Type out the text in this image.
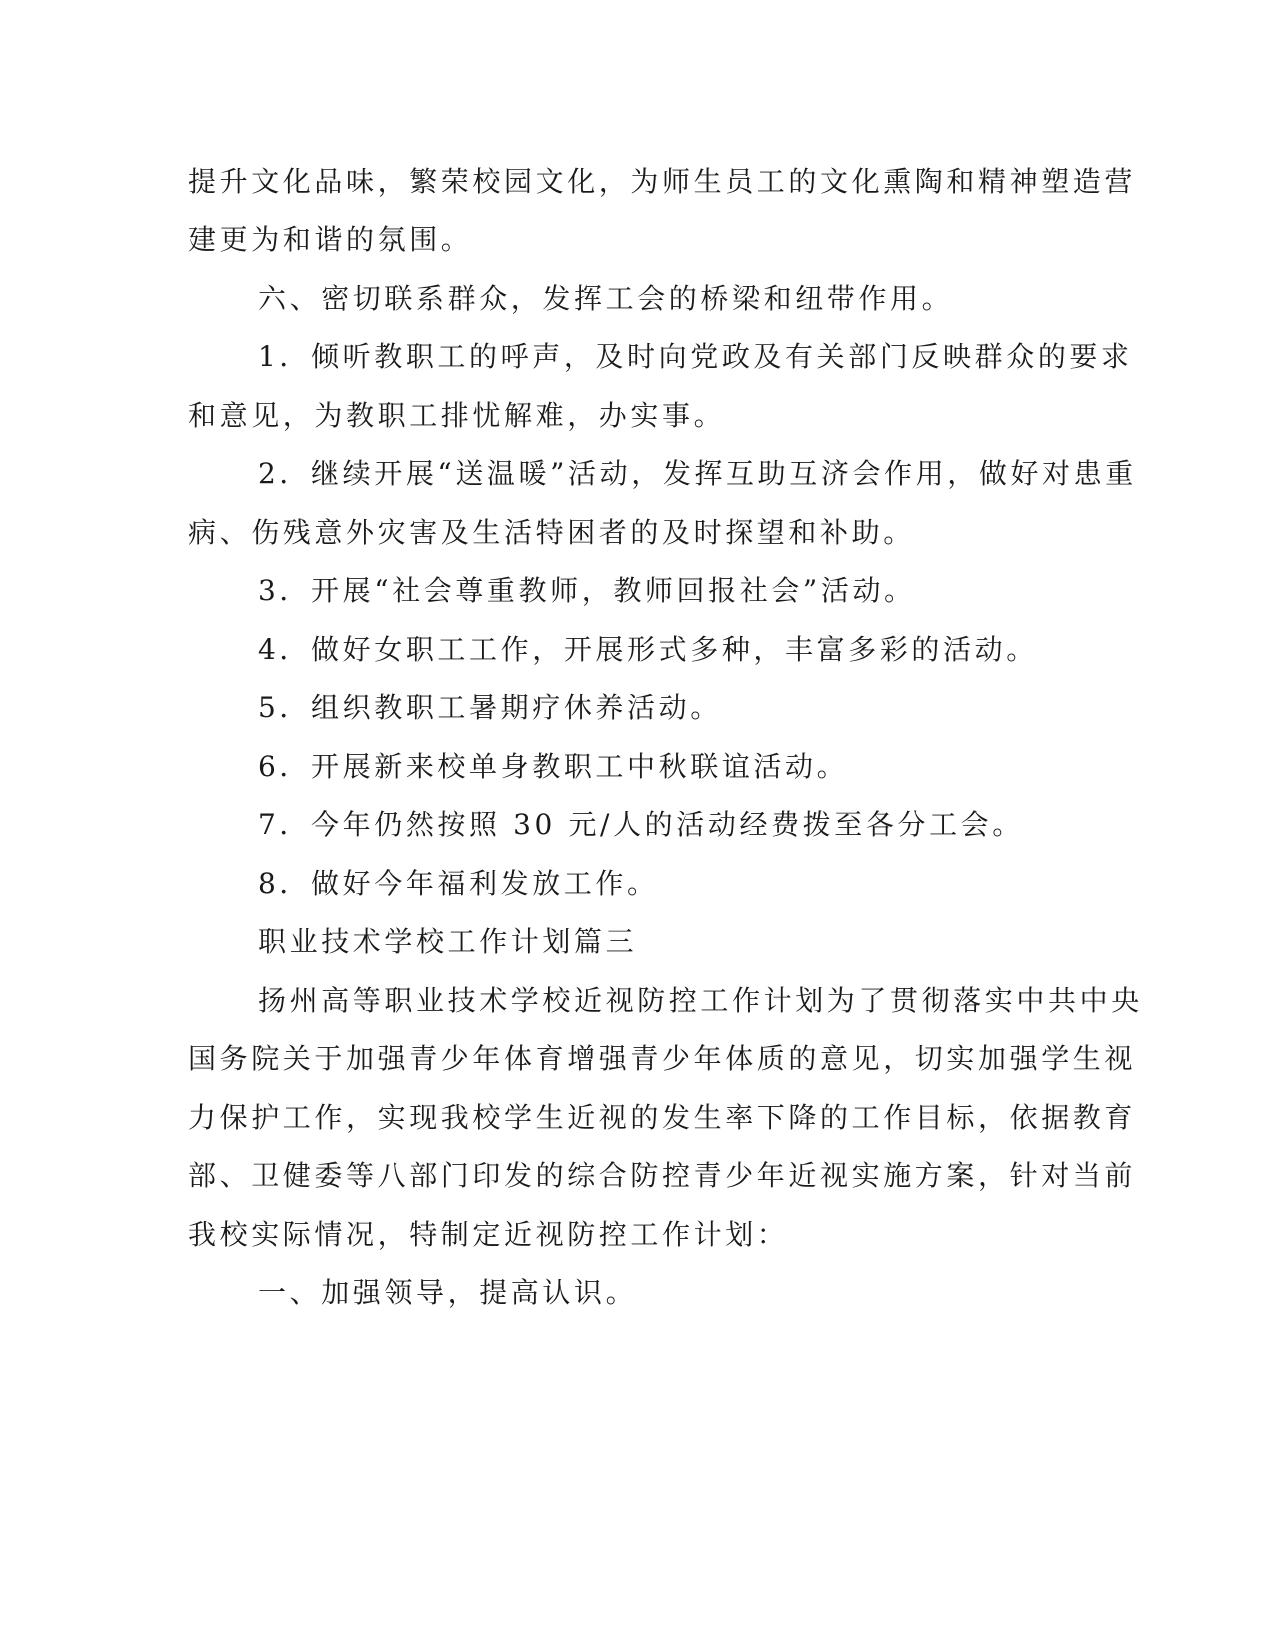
提升文化品味，繁荣校园文化，为师生员工的文化熏陶和精神塑造营
建更为和谐的氛围。
六、密切联系群众，发挥工会的桥梁和纽带作用。
1．倾听教职工的呼声，及时向党政及有关部门反映群众的要求
和意见，为教职工排忧解难，办实事。
2．继续开展“送温暖”活动，发挥互助互济会作用，做好对患重
病、伤残意外灾害及生活特困者的及时探望和补助。
3．开展“社会尊重教师，教师回报社会”活动。
4．做好女职工工作，开展形式多种，丰富多彩的活动。
5．组织教职工暑期疗休养活动。
6．开展新来校单身教职工中秋联谊活动。
7．今年仍然按照 30 元/人的活动经费拨至各分工会。
8．做好今年福利发放工作。
职业技术学校工作计划篇三
扬州高等职业技术学校近视防控工作计划为了贯彻落实中共中央
国务院关于加强青少年体育增强青少年体质的意见，切实加强学生视
力保护工作，实现我校学生近视的发生率下降的工作目标，依据教育
部、卫健委等八部门印发的综合防控青少年近视实施方案，针对当前
我校实际情况，特制定近视防控工作计划：
一、加强领导，提高认识。
